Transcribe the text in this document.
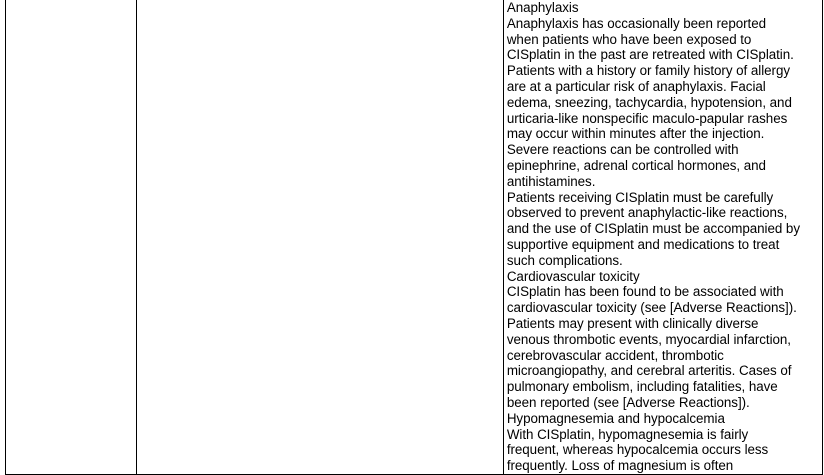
Anaphylaxis
Anaphylaxis has occasionally been reported
when patients who have been exposed to
CISplatin in the past are retreated with CISplatin.
Patients with a history or family history of allergy
are at a particular risk of anaphylaxis. Facial
edema, sneezing, tachycardia, hypotension, and
urticaria-like nonspecific maculo-papular rashes
may occur within minutes after the injection.
Severe reactions can be controlled with
epinephrine, adrenal cortical hormones, and
antihistamines.
Patients receiving CISplatin must be carefully
observed to prevent anaphylactic-like reactions,
and the use of CISplatin must be accompanied by
supportive equipment and medications to treat
such complications.
Cardiovascular toxicity
CISplatin has been found to be associated with
cardiovascular toxicity (see [Adverse Reactions]).
Patients may present with clinically diverse
venous thrombotic events, myocardial infarction,
cerebrovascular accident, thrombotic
microangiopathy, and cerebral arteritis. Cases of
pulmonary embolism, including fatalities, have
been reported (see [Adverse Reactions]).
Hypomagnesemia and hypocalcemia
With CISplatin, hypomagnesemia is fairly
frequent, whereas hypocalcemia occurs less
frequently. Loss of magnesium is often
